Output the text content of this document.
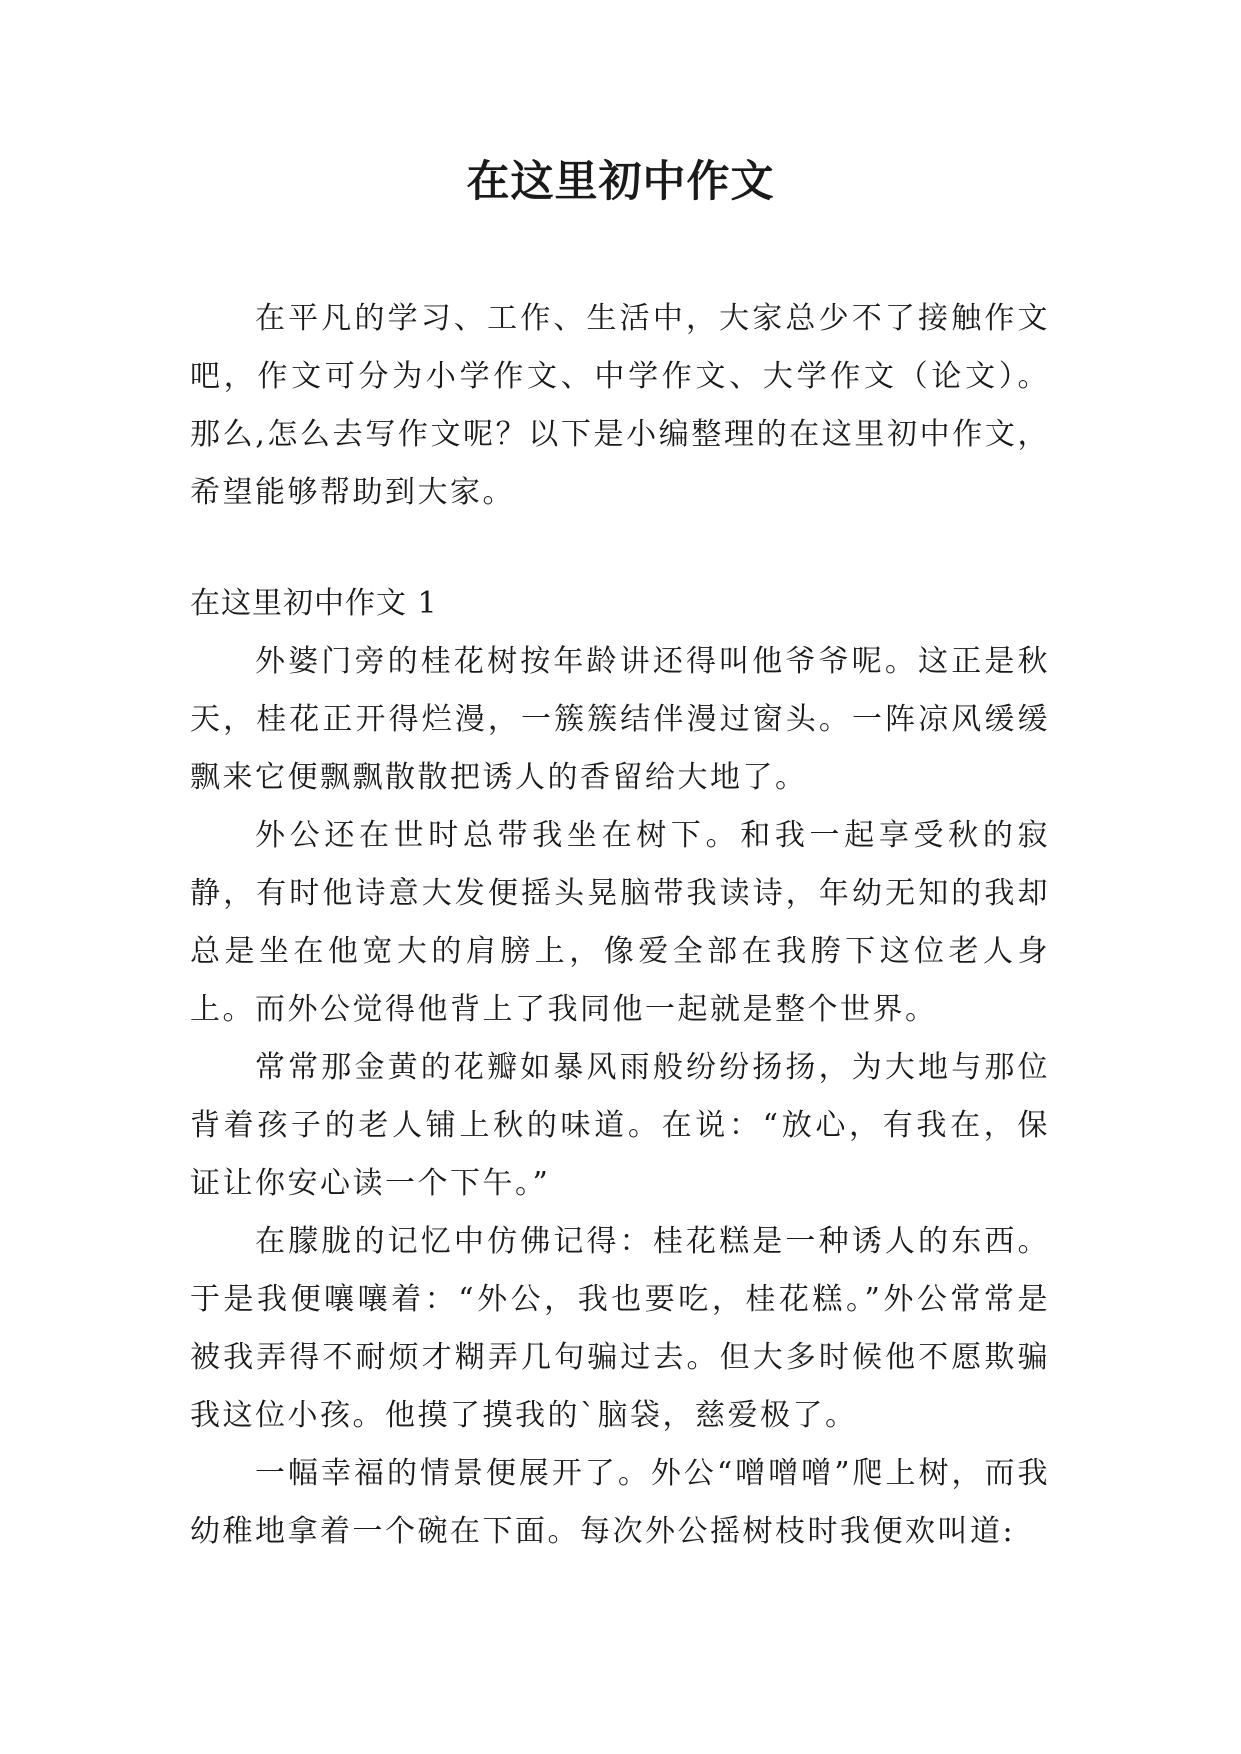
在这里初中作文

在平凡的学习、工作、生活中，大家总少不了接触作文吧，作文可分为小学作文、中学作文、大学作文（论文）。那么,怎么去写作文呢？以下是小编整理的在这里初中作文，希望能够帮助到大家。

在这里初中作文 1

外婆门旁的桂花树按年龄讲还得叫他爷爷呢。这正是秋天，桂花正开得烂漫，一簇簇结伴漫过窗头。一阵凉风缓缓飘来它便飘飘散散把诱人的香留给大地了。

外公还在世时总带我坐在树下。和我一起享受秋的寂静，有时他诗意大发便摇头晃脑带我读诗，年幼无知的我却总是坐在他宽大的肩膀上，像爱全部在我胯下这位老人身上。而外公觉得他背上了我同他一起就是整个世界。

常常那金黄的花瓣如暴风雨般纷纷扬扬，为大地与那位背着孩子的老人铺上秋的味道。在说：“放心，有我在，保证让你安心读一个下午。”

在朦胧的记忆中仿佛记得：桂花糕是一种诱人的东西。于是我便嚷嚷着：“外公，我也要吃，桂花糕。”外公常常是被我弄得不耐烦才糊弄几句骗过去。但大多时候他不愿欺骗我这位小孩。他摸了摸我的`脑袋，慈爱极了。

一幅幸福的情景便展开了。外公“噌噌噌”爬上树，而我幼稚地拿着一个碗在下面。每次外公摇树枝时我便欢叫道:
